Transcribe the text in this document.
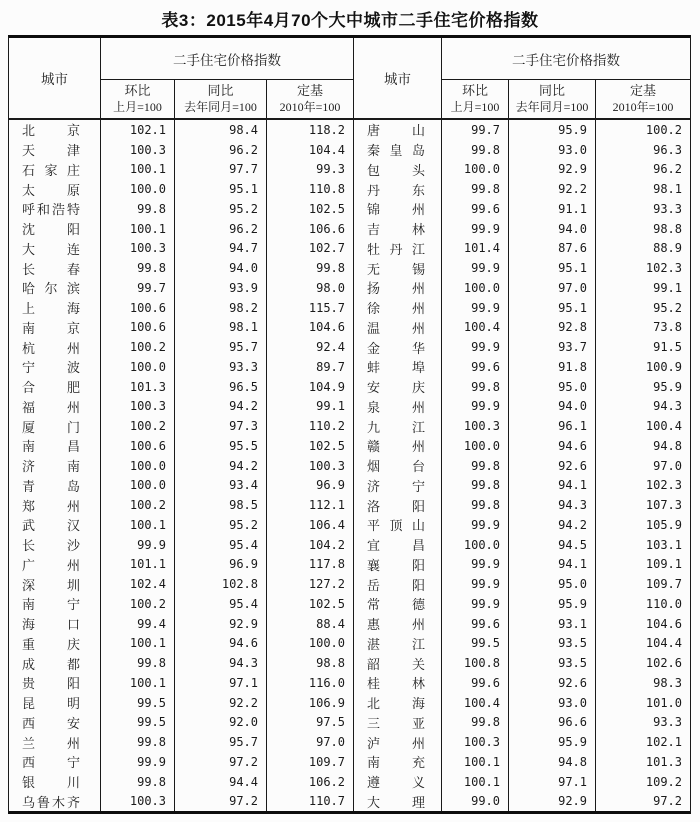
表3：2015年4月70个大中城市二手住宅价格指数
城市
二手住宅价格指数
环比
上月=100
同比
去年同月=100
定基
2010年=100
北京	102.1	98.4	118.2
天津	100.3	96.2	104.4
石家庄	100.1	97.7	99.3
太原	100.0	95.1	110.8
呼和浩特	99.8	95.2	102.5
沈阳	100.1	96.2	106.6
大连	100.3	94.7	102.7
长春	99.8	94.0	99.8
哈尔滨	99.7	93.9	98.0
上海	100.6	98.2	115.7
南京	100.6	98.1	104.6
杭州	100.2	95.7	92.4
宁波	100.0	93.3	89.7
合肥	101.3	96.5	104.9
福州	100.3	94.2	99.1
厦门	100.2	97.3	110.2
南昌	100.6	95.5	102.5
济南	100.0	94.2	100.3
青岛	100.0	93.4	96.9
郑州	100.2	98.5	112.1
武汉	100.1	95.2	106.4
长沙	99.9	95.4	104.2
广州	101.1	96.9	117.8
深圳	102.4	102.8	127.2
南宁	100.2	95.4	102.5
海口	99.4	92.9	88.4
重庆	100.1	94.6	100.0
成都	99.8	94.3	98.8
贵阳	100.1	97.1	116.0
昆明	99.5	92.2	106.9
西安	99.5	92.0	97.5
兰州	99.8	95.7	97.0
西宁	99.9	97.2	109.7
银川	99.8	94.4	106.2
乌鲁木齐	100.3	97.2	110.7
城市
二手住宅价格指数
环比
上月=100
同比
去年同月=100
定基
2010年=100
唐山	99.7	95.9	100.2
秦皇岛	99.8	93.0	96.3
包头	100.0	92.9	96.2
丹东	99.8	92.2	98.1
锦州	99.6	91.1	93.3
吉林	99.9	94.0	98.8
牡丹江	101.4	87.6	88.9
无锡	99.9	95.1	102.3
扬州	100.0	97.0	99.1
徐州	99.9	95.1	95.2
温州	100.4	92.8	73.8
金华	99.9	93.7	91.5
蚌埠	99.6	91.8	100.9
安庆	99.8	95.0	95.9
泉州	99.9	94.0	94.3
九江	100.3	96.1	100.4
赣州	100.0	94.6	94.8
烟台	99.8	92.6	97.0
济宁	99.8	94.1	102.3
洛阳	99.8	94.3	107.3
平顶山	99.9	94.2	105.9
宜昌	100.0	94.5	103.1
襄阳	99.9	94.1	109.1
岳阳	99.9	95.0	109.7
常德	99.9	95.9	110.0
惠州	99.6	93.1	104.6
湛江	99.5	93.5	104.4
韶关	100.8	93.5	102.6
桂林	99.6	92.6	98.3
北海	100.4	93.0	101.0
三亚	99.8	96.6	93.3
泸州	100.3	95.9	102.1
南充	100.1	94.8	101.3
遵义	100.1	97.1	109.2
大理	99.0	92.9	97.2
